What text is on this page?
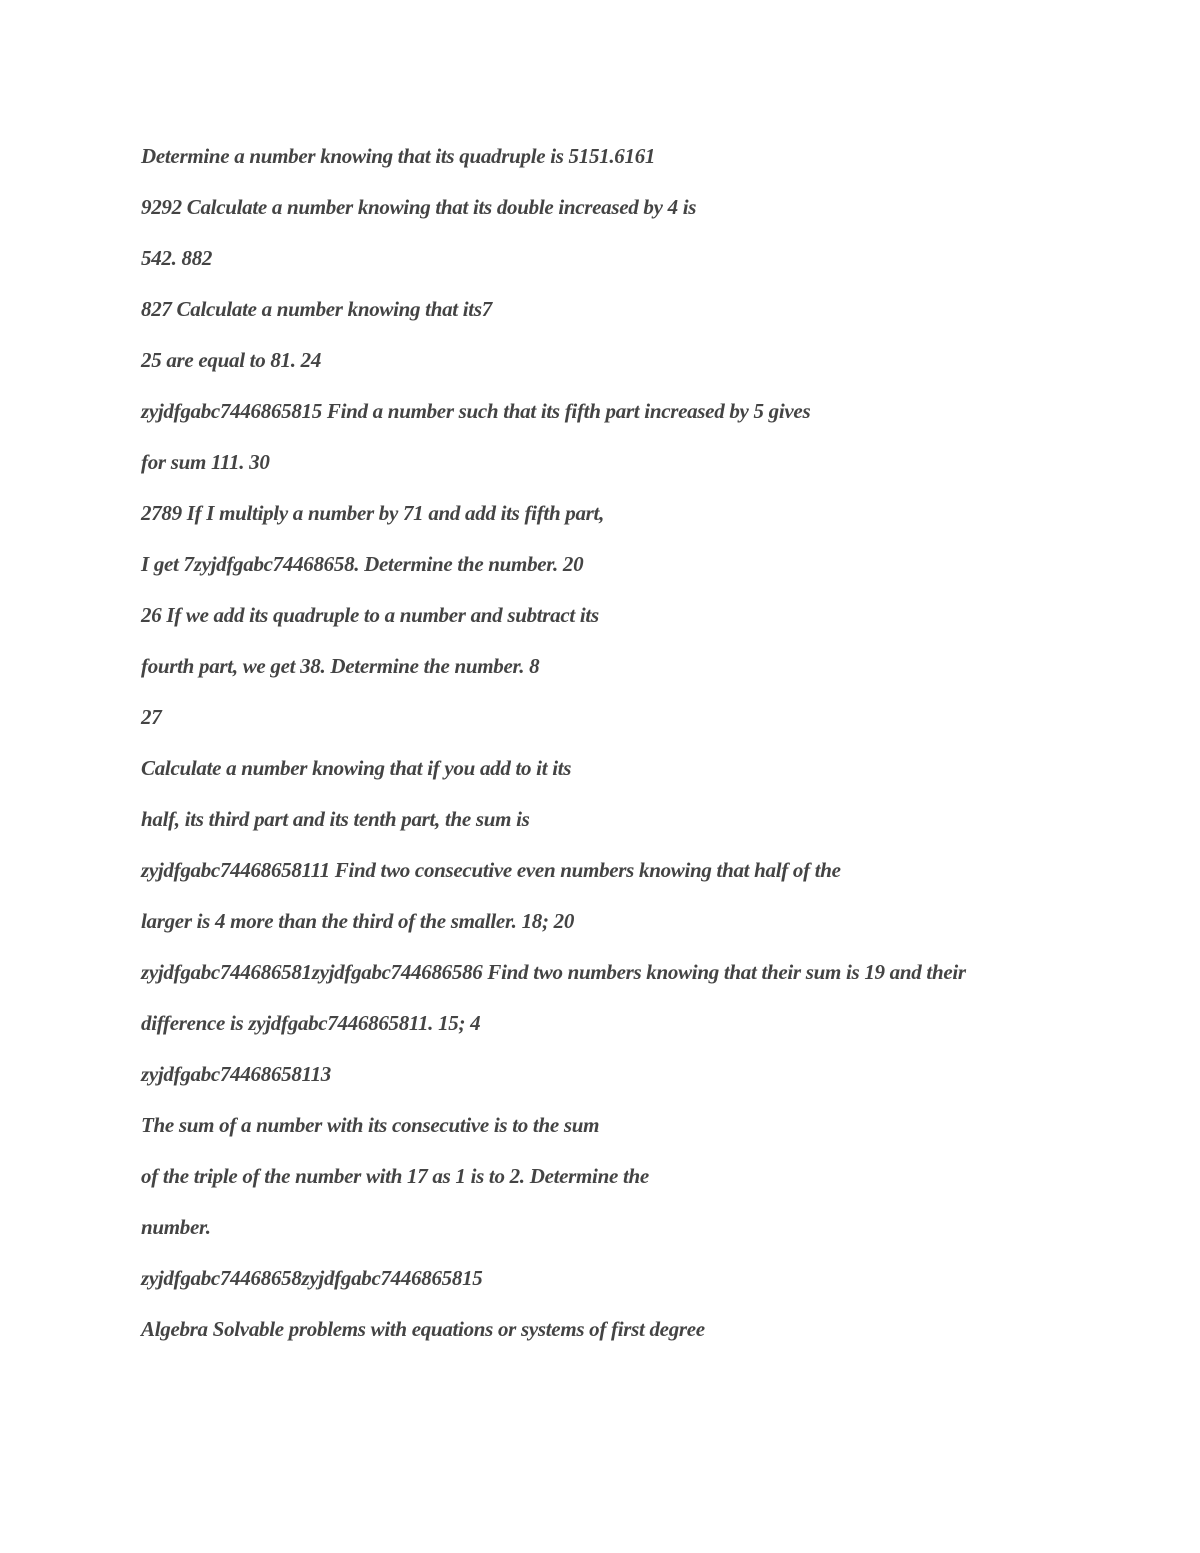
Determine a number knowing that its quadruple is 5151.6161

9292 Calculate a number knowing that its double increased by 4 is

542. 882

827 Calculate a number knowing that its7

25 are equal to 81. 24

zyjdfgabc7446865815 Find a number such that its fifth part increased by 5 gives

for sum 111. 30

2789 If I multiply a number by 71 and add its fifth part,

I get 7zyjdfgabc74468658. Determine the number. 20

26 If we add its quadruple to a number and subtract its

fourth part, we get 38. Determine the number. 8

27

Calculate a number knowing that if you add to it its

half, its third part and its tenth part, the sum is

zyjdfgabc74468658111 Find two consecutive even numbers knowing that half of the

larger is 4 more than the third of the smaller. 18; 20

zyjdfgabc744686581zyjdfgabc744686586 Find two numbers knowing that their sum is 19 and their

difference is zyjdfgabc7446865811. 15; 4

zyjdfgabc74468658113

The sum of a number with its consecutive is to the sum

of the triple of the number with 17 as 1 is to 2. Determine the

number.

zyjdfgabc74468658zyjdfgabc7446865815

Algebra Solvable problems with equations or systems of first degree
